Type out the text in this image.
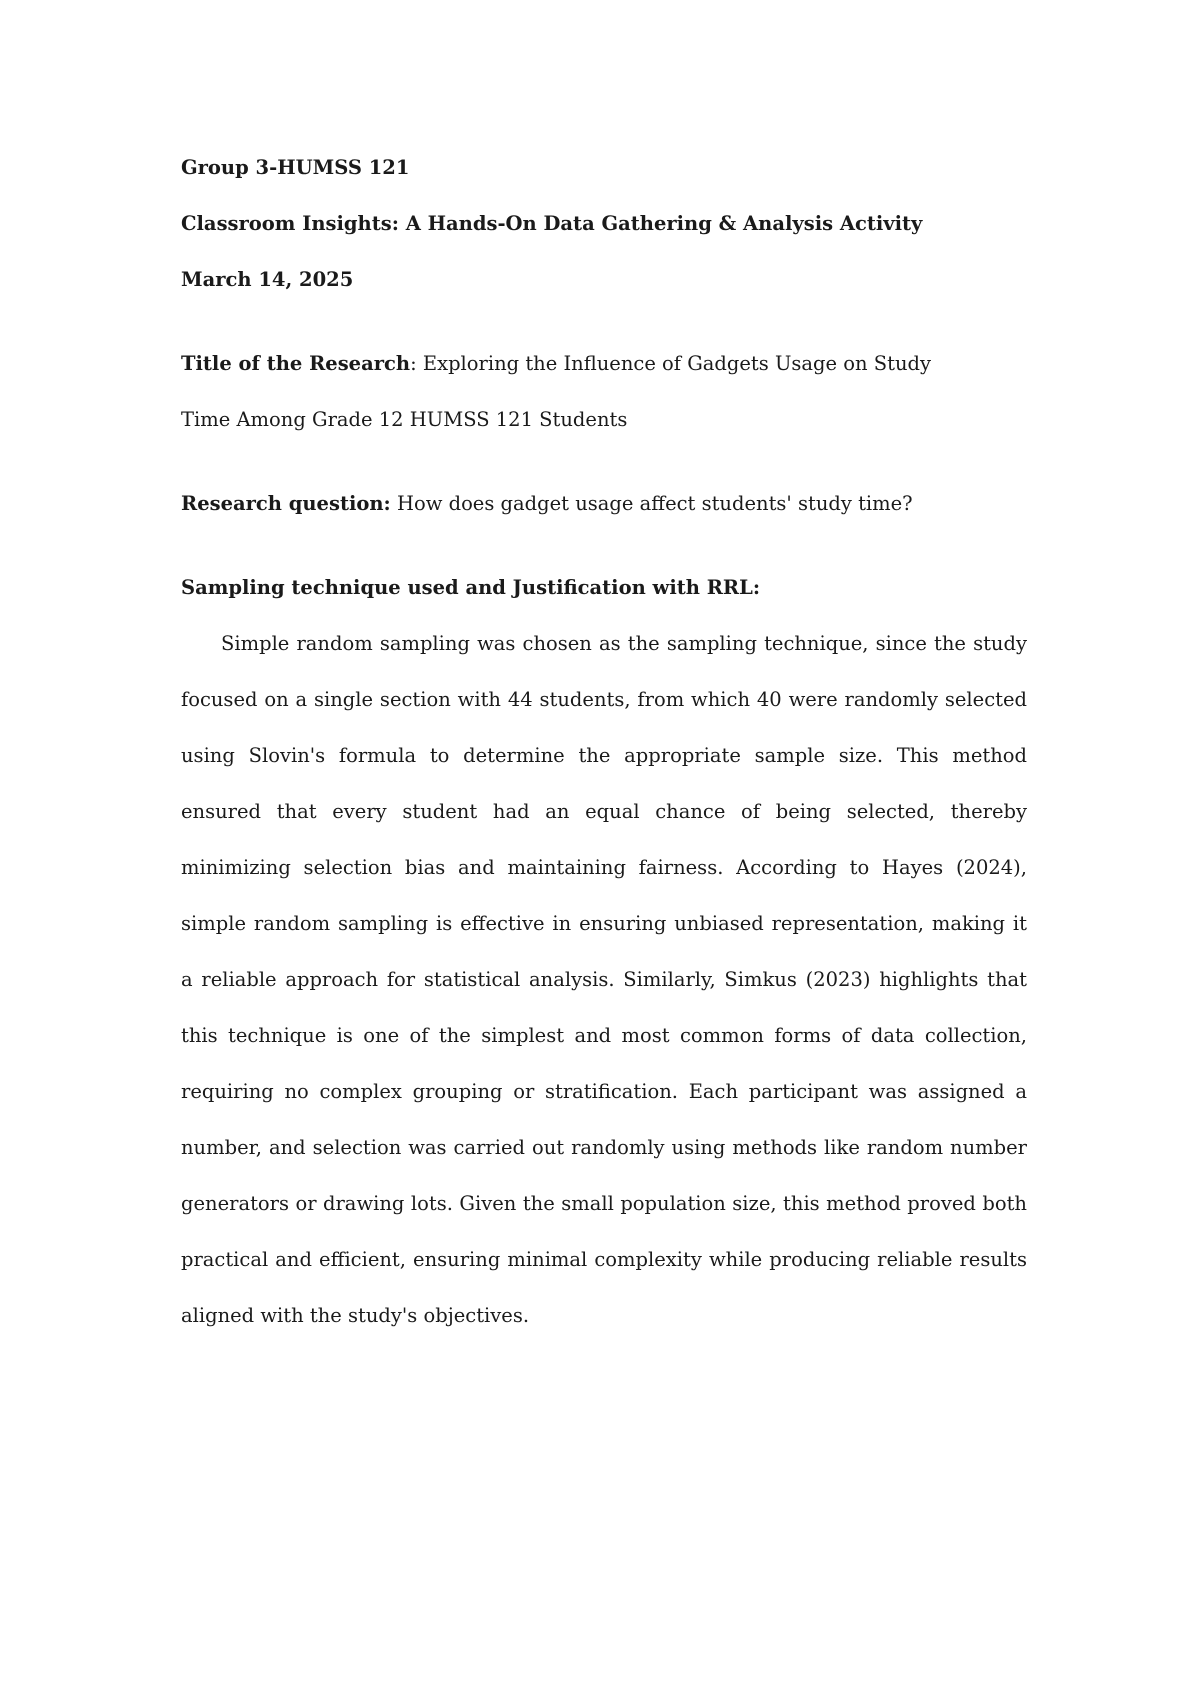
Group 3-HUMSS 121
Classroom Insights: A Hands-On Data Gathering & Analysis Activity
March 14, 2025
Title of the Research: Exploring the Influence of Gadgets Usage on Study Time Among Grade 12 HUMSS 121 Students
Research question: How does gadget usage affect students' study time?
Sampling technique used and Justification with RRL:

Simple random sampling was chosen as the sampling technique, since the study focused on a single section with 44 students, from which 40 were randomly selected using Slovin's formula to determine the appropriate sample size. This method ensured that every student had an equal chance of being selected, thereby minimizing selection bias and maintaining fairness. According to Hayes (2024), simple random sampling is effective in ensuring unbiased representation, making it a reliable approach for statistical analysis. Similarly, Simkus (2023) highlights that this technique is one of the simplest and most common forms of data collection, requiring no complex grouping or stratification. Each participant was assigned a number, and selection was carried out randomly using methods like random number generators or drawing lots. Given the small population size, this method proved both practical and efficient, ensuring minimal complexity while producing reliable results aligned with the study's objectives.
